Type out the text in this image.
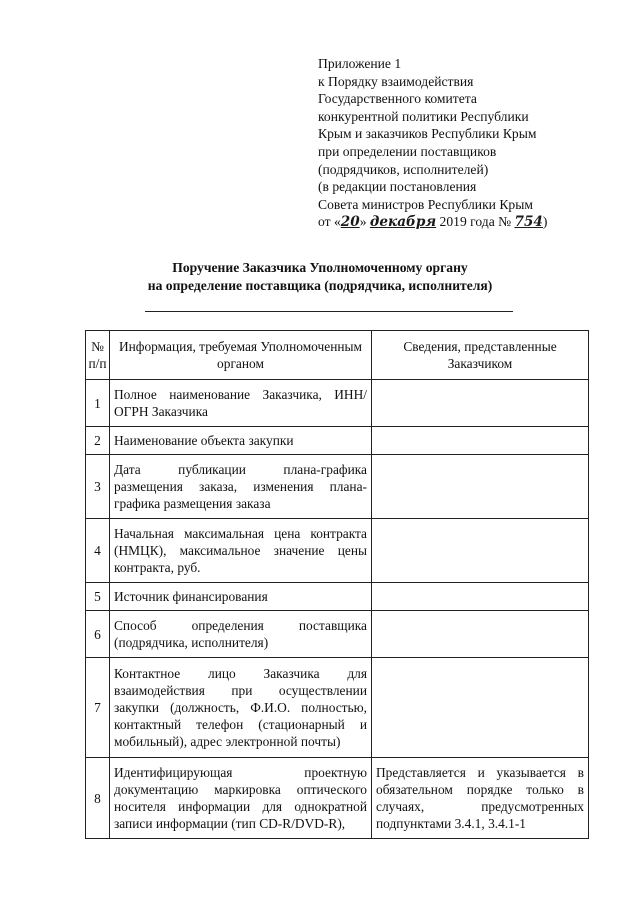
Приложение 1
к Порядку взаимодействия
Государственного комитета
конкурентной политики Республики
Крым и заказчиков Республики Крым
при определении поставщиков
(подрядчиков, исполнителей)
(в редакции постановления
Совета министров Республики Крым
от «20» декабря 2019 года № 754)
Поручение Заказчика Уполномоченному органу
на определение поставщика (подрядчика, исполнителя)
№ п/п	Информация, требуемая Уполномоченным органом	Сведения, представленные Заказчиком
1	Полное наименование Заказчика, ИНН/ОГРН Заказчика	
2	Наименование объекта закупки	
3	Дата публикации плана-графика размещения заказа, изменения плана-графика размещения заказа	
4	Начальная максимальная цена контракта (НМЦК), максимальное значение цены контракта, руб.	
5	Источник финансирования	
6	Способ определения поставщика (подрядчика, исполнителя)	
7	Контактное лицо Заказчика для взаимодействия при осуществлении закупки (должность, Ф.И.О. полностью, контактный телефон (стационарный и мобильный), адрес электронной почты)	
8	Идентифицирующая проектную документацию маркировка оптического носителя информации для однократной записи информации (тип CD-R/DVD-R),	Представляется и указывается в обязательном порядке только в случаях, предусмотренных подпунктами 3.4.1, 3.4.1-1
